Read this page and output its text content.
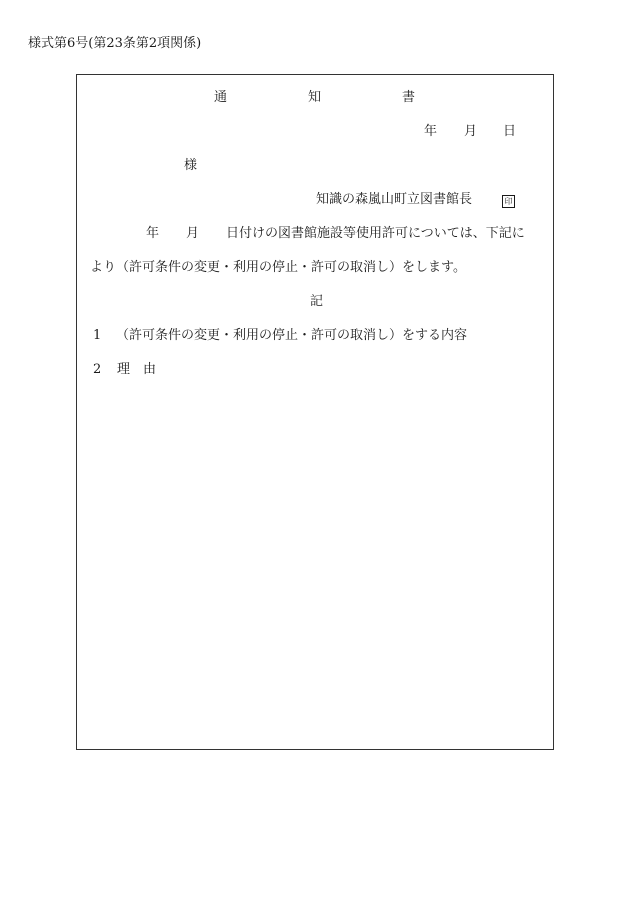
様式第6号(第23条第2項関係)
通	知	書
年 月 日
様
知識の森嵐山町立図書館長	印
年 月 日付けの図書館施設等使用許可については、下記に
より（許可条件の変更・利用の停止・許可の取消し）をします。
記
1 （許可条件の変更・利用の停止・許可の取消し）をする内容
2 理　由
